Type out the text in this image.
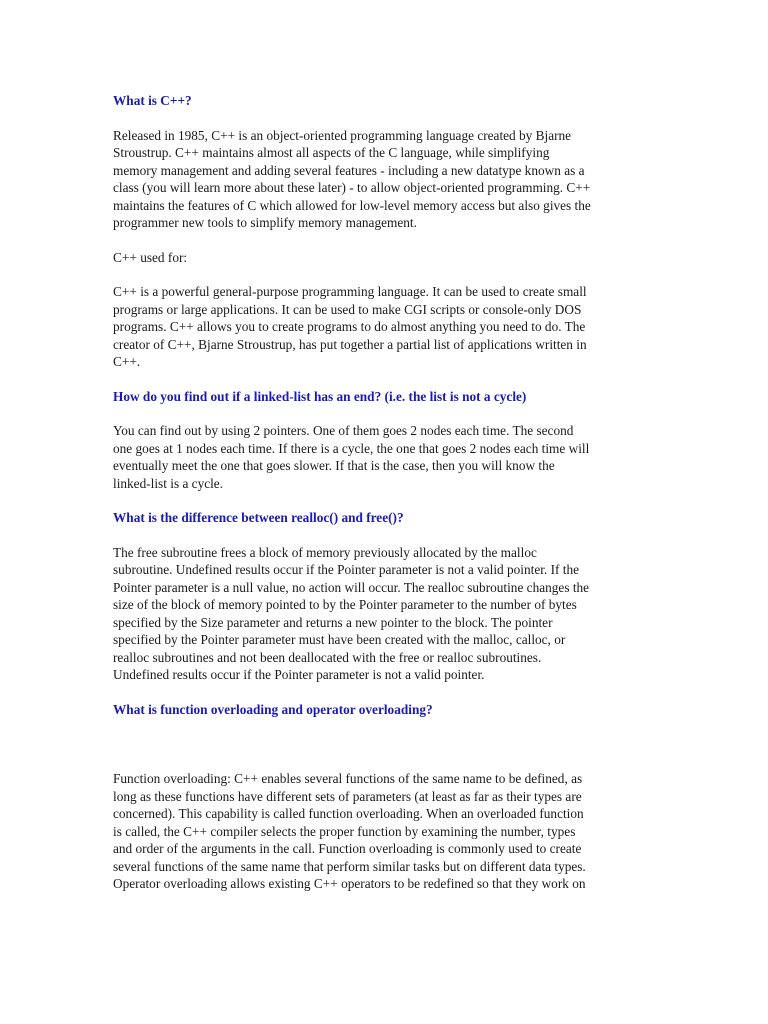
What is C++?

Released in 1985, C++ is an object-oriented programming language created by Bjarne
Stroustrup. C++ maintains almost all aspects of the C language, while simplifying
memory management and adding several features - including a new datatype known as a
class (you will learn more about these later) - to allow object-oriented programming. C++
maintains the features of C which allowed for low-level memory access but also gives the
programmer new tools to simplify memory management.

C++ used for:

C++ is a powerful general-purpose programming language. It can be used to create small
programs or large applications. It can be used to make CGI scripts or console-only DOS
programs. C++ allows you to create programs to do almost anything you need to do. The
creator of C++, Bjarne Stroustrup, has put together a partial list of applications written in
C++.

How do you find out if a linked-list has an end? (i.e. the list is not a cycle)

You can find out by using 2 pointers. One of them goes 2 nodes each time. The second
one goes at 1 nodes each time. If there is a cycle, the one that goes 2 nodes each time will
eventually meet the one that goes slower. If that is the case, then you will know the
linked-list is a cycle.

What is the difference between realloc() and free()?

The free subroutine frees a block of memory previously allocated by the malloc
subroutine. Undefined results occur if the Pointer parameter is not a valid pointer. If the
Pointer parameter is a null value, no action will occur. The realloc subroutine changes the
size of the block of memory pointed to by the Pointer parameter to the number of bytes
specified by the Size parameter and returns a new pointer to the block. The pointer
specified by the Pointer parameter must have been created with the malloc, calloc, or
realloc subroutines and not been deallocated with the free or realloc subroutines.
Undefined results occur if the Pointer parameter is not a valid pointer.

What is function overloading and operator overloading?

Function overloading: C++ enables several functions of the same name to be defined, as
long as these functions have different sets of parameters (at least as far as their types are
concerned). This capability is called function overloading. When an overloaded function
is called, the C++ compiler selects the proper function by examining the number, types
and order of the arguments in the call. Function overloading is commonly used to create
several functions of the same name that perform similar tasks but on different data types.
Operator overloading allows existing C++ operators to be redefined so that they work on
